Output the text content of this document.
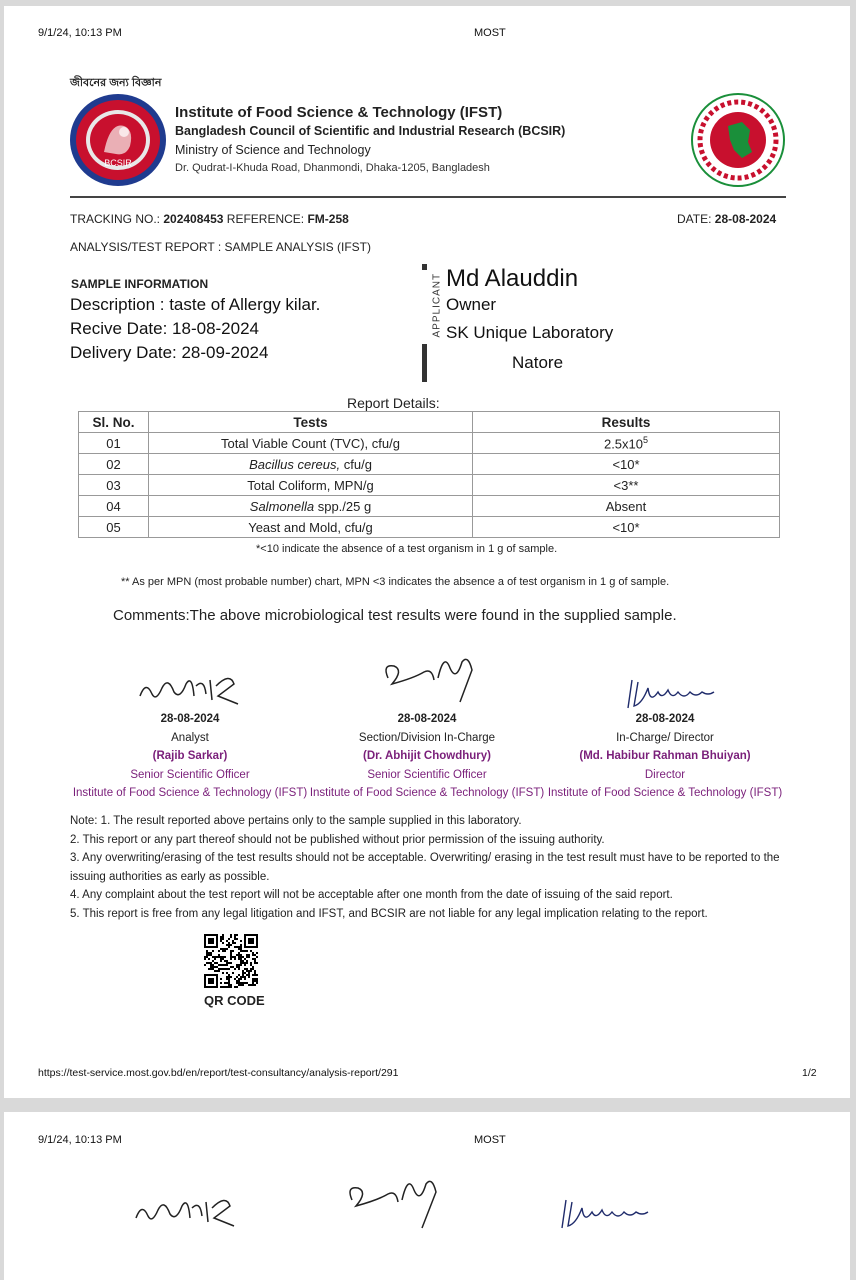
9/1/24, 10:13 PM	MOST
জীবনের জন্য বিজ্ঞান
BCSIR
Institute of Food Science & Technology (IFST)
Bangladesh Council of Scientific and Industrial Research (BCSIR)
Ministry of Science and Technology
Dr. Qudrat-I-Khuda Road, Dhanmondi, Dhaka-1205, Bangladesh
TRACKING NO.: 202408453 REFERENCE: FM-258	DATE: 28-08-2024
ANALYSIS/TEST REPORT : SAMPLE ANALYSIS (IFST)
SAMPLE INFORMATION
Description : taste of Allergy kilar.
Recive Date: 18-08-2024
Delivery Date: 28-09-2024
APPLICANT Md Alauddin
Owner
SK Unique Laboratory
Natore
Report Details:
Sl. No.	Tests	Results
01	Total Viable Count (TVC), cfu/g	$2.5x10^5$
02	Bacillus cereus, cfu/g	<10*
03	Total Coliform, MPN/g	<3**
04	Salmonella spp./25 g	Absent
05	Yeast and Mold, cfu/g	<10*
*<10 indicate the absence of a test organism in 1 g of sample.
** As per MPN (most probable number) chart, MPN <3 indicates the absence a of test organism in 1 g of sample.
Comments:The above microbiological test results were found in the supplied sample.
28-08-2024
Analyst
(Rajib Sarkar)
Senior Scientific Officer
Institute of Food Science & Technology (IFST)
28-08-2024
Section/Division In-Charge
(Dr. Abhijit Chowdhury)
Senior Scientific Officer
Institute of Food Science & Technology (IFST)
28-08-2024
In-Charge/ Director
(Md. Habibur Rahman Bhuiyan)
Director
Institute of Food Science & Technology (IFST)
Note: 1. The result reported above pertains only to the sample supplied in this laboratory.
2. This report or any part thereof should not be published without prior permission of the issuing authority.
3. Any overwriting/erasing of the test results should not be acceptable. Overwriting/ erasing in the test result must have to be reported to the issuing authorities as early as possible.
4. Any complaint about the test report will not be acceptable after one month from the date of issuing of the said report.
5. This report is free from any legal litigation and IFST, and BCSIR are not liable for any legal implication relating to the report.
QR CODE
https://test-service.most.gov.bd/en/report/test-consultancy/analysis-report/291	1/2
9/1/24, 10:13 PM	MOST
